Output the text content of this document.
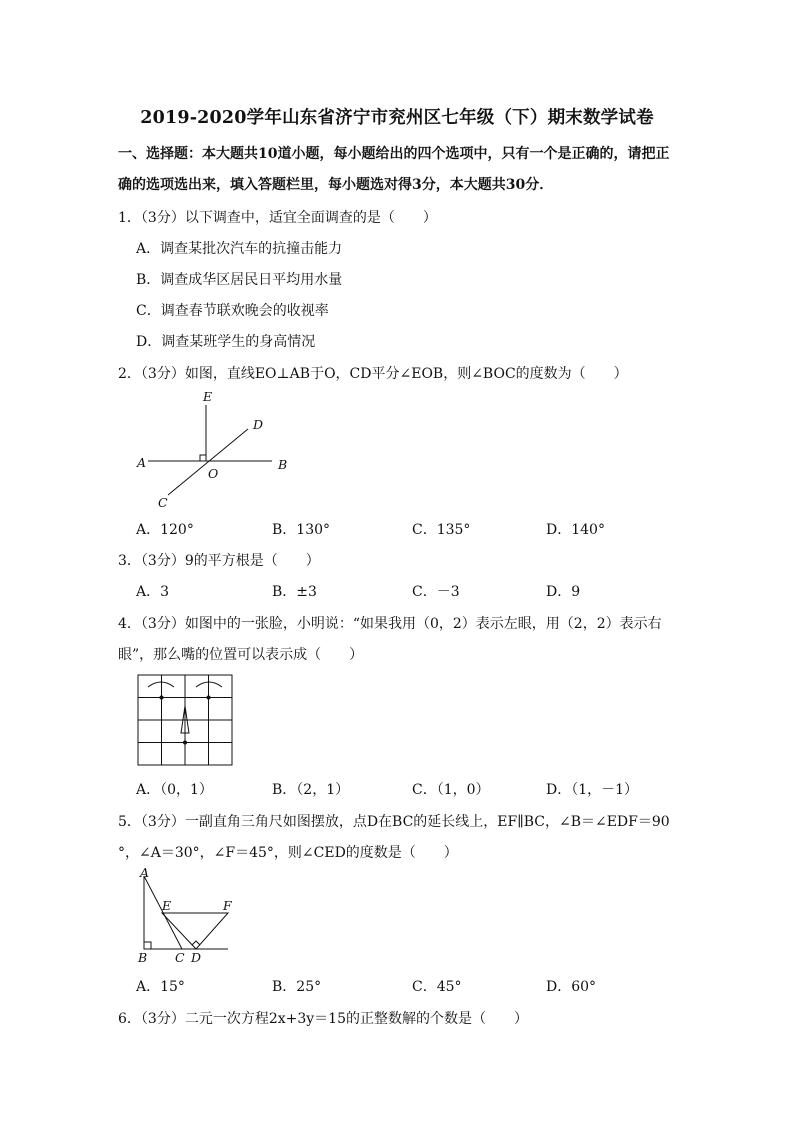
2019-2020学年山东省济宁市兖州区七年级（下）期末数学试卷
一、选择题：本大题共10道小题，每小题给出的四个选项中，只有一个是正确的，请把正
确的选项选出来，填入答题栏里，每小题选对得3分，本大题共30分．
1．（3分）以下调查中，适宜全面调查的是（　　）
A．调查某批次汽车的抗撞击能力
B．调查成华区居民日平均用水量
C．调查春节联欢晚会的收视率
D．调查某班学生的身高情况
2．（3分）如图，直线EO⊥AB于O，CD平分∠EOB，则∠BOC的度数为（　　）
E
D
A	B
O
C
A．120°	B．130°	C．135°	D．140°
3．（3分）9的平方根是（　　）
A．3	B．±3	C．－3	D．9
4．（3分）如图中的一张脸，小明说：“如果我用（0，2）表示左眼，用（2，2）表示右
眼”，那么嘴的位置可以表示成（　　）
A．（0，1）	B．（2，1）	C．（1，0）	D．（1，－1）
5．（3分）一副直角三角尺如图摆放，点D在BC的延长线上，EF∥BC，∠B＝∠EDF＝90
°，∠A＝30°，∠F＝45°，则∠CED的度数是（　　）
A
E	F
B C D
A．15°	B．25°	C．45°	D．60°
6．（3分）二元一次方程2x+3y＝15的正整数解的个数是（　　）
